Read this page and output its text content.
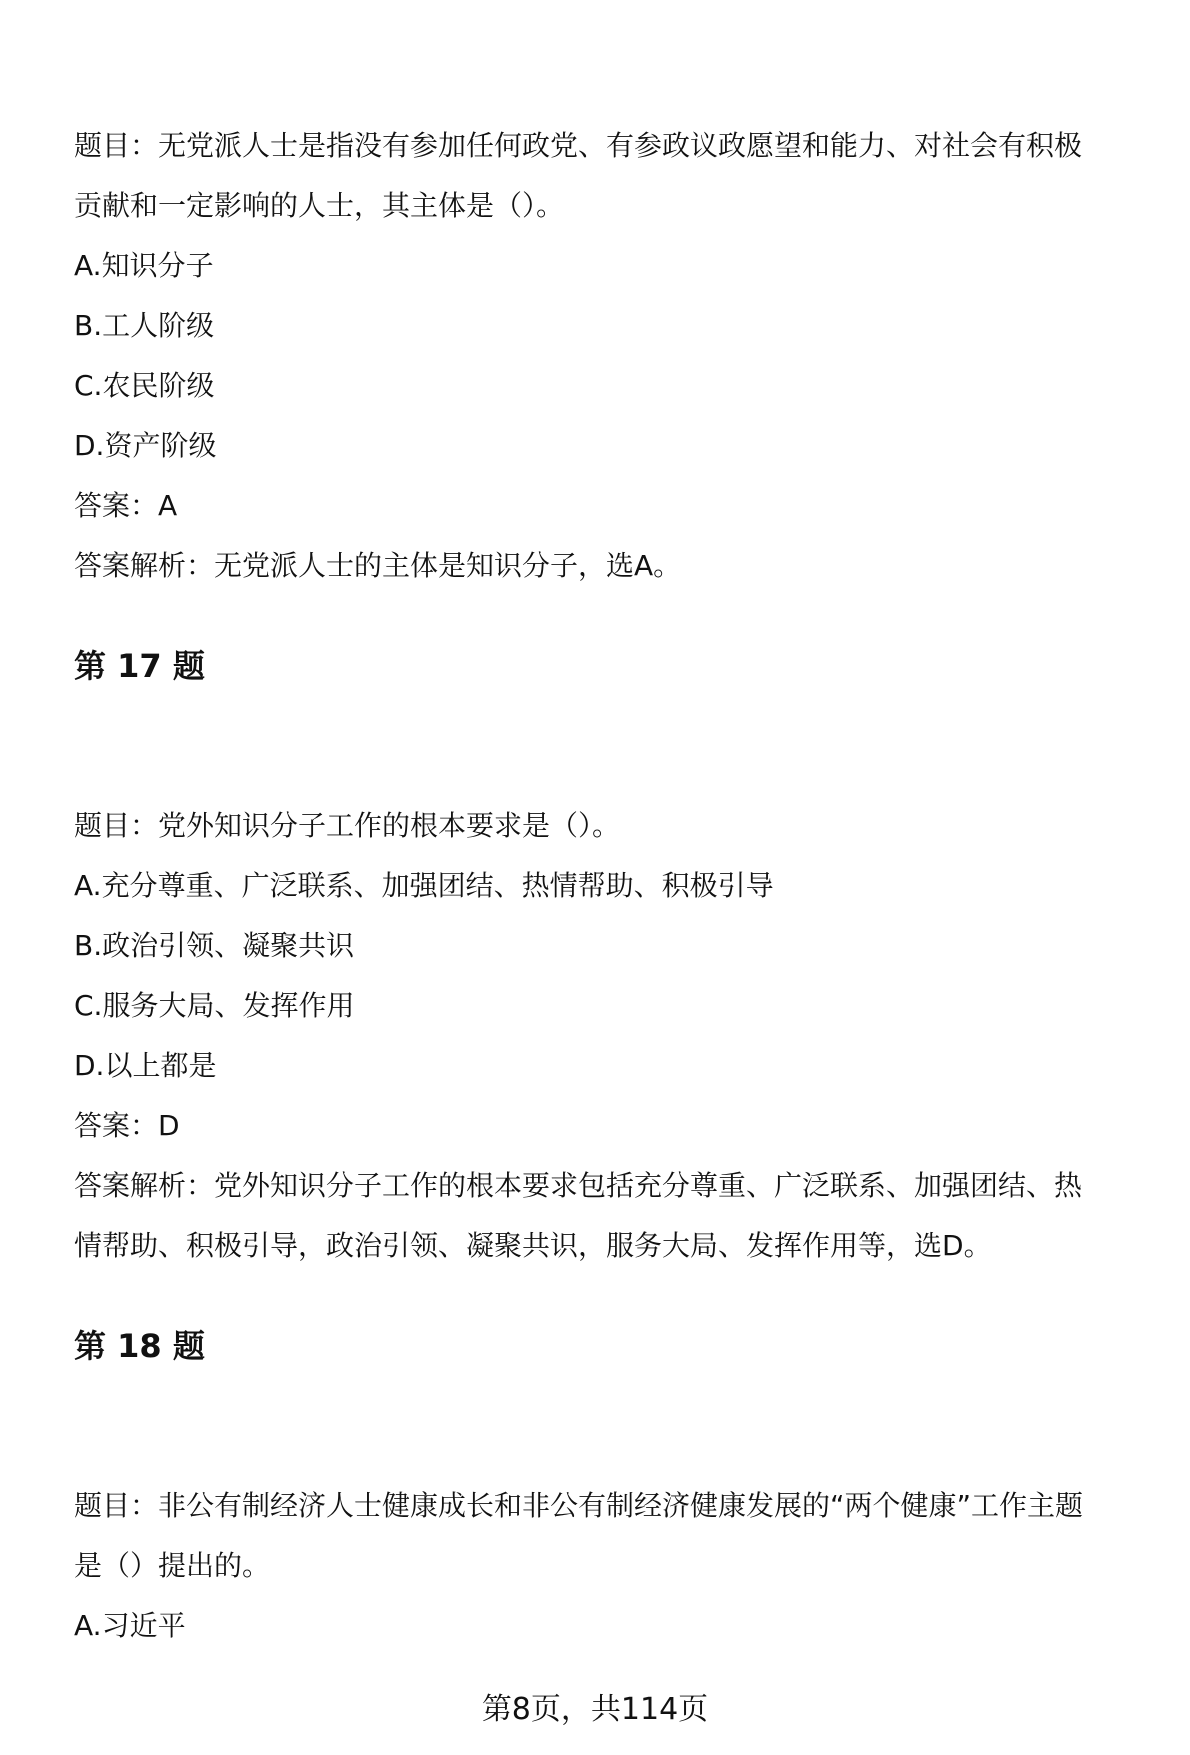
题目：无党派人士是指没有参加任何政党、有参政议政愿望和能力、对社会有积极
贡献和一定影响的人士，其主体是（）。
A.知识分子
B.工人阶级
C.农民阶级
D.资产阶级
答案：A
答案解析：无党派人士的主体是知识分子，选A。
第 17 题
题目：党外知识分子工作的根本要求是（）。
A.充分尊重、广泛联系、加强团结、热情帮助、积极引导
B.政治引领、凝聚共识
C.服务大局、发挥作用
D.以上都是
答案：D
答案解析：党外知识分子工作的根本要求包括充分尊重、广泛联系、加强团结、热
情帮助、积极引导，政治引领、凝聚共识，服务大局、发挥作用等，选D。
第 18 题
题目：非公有制经济人士健康成长和非公有制经济健康发展的“两个健康”工作主题
是（）提出的。
A.习近平
第8页，共114页
